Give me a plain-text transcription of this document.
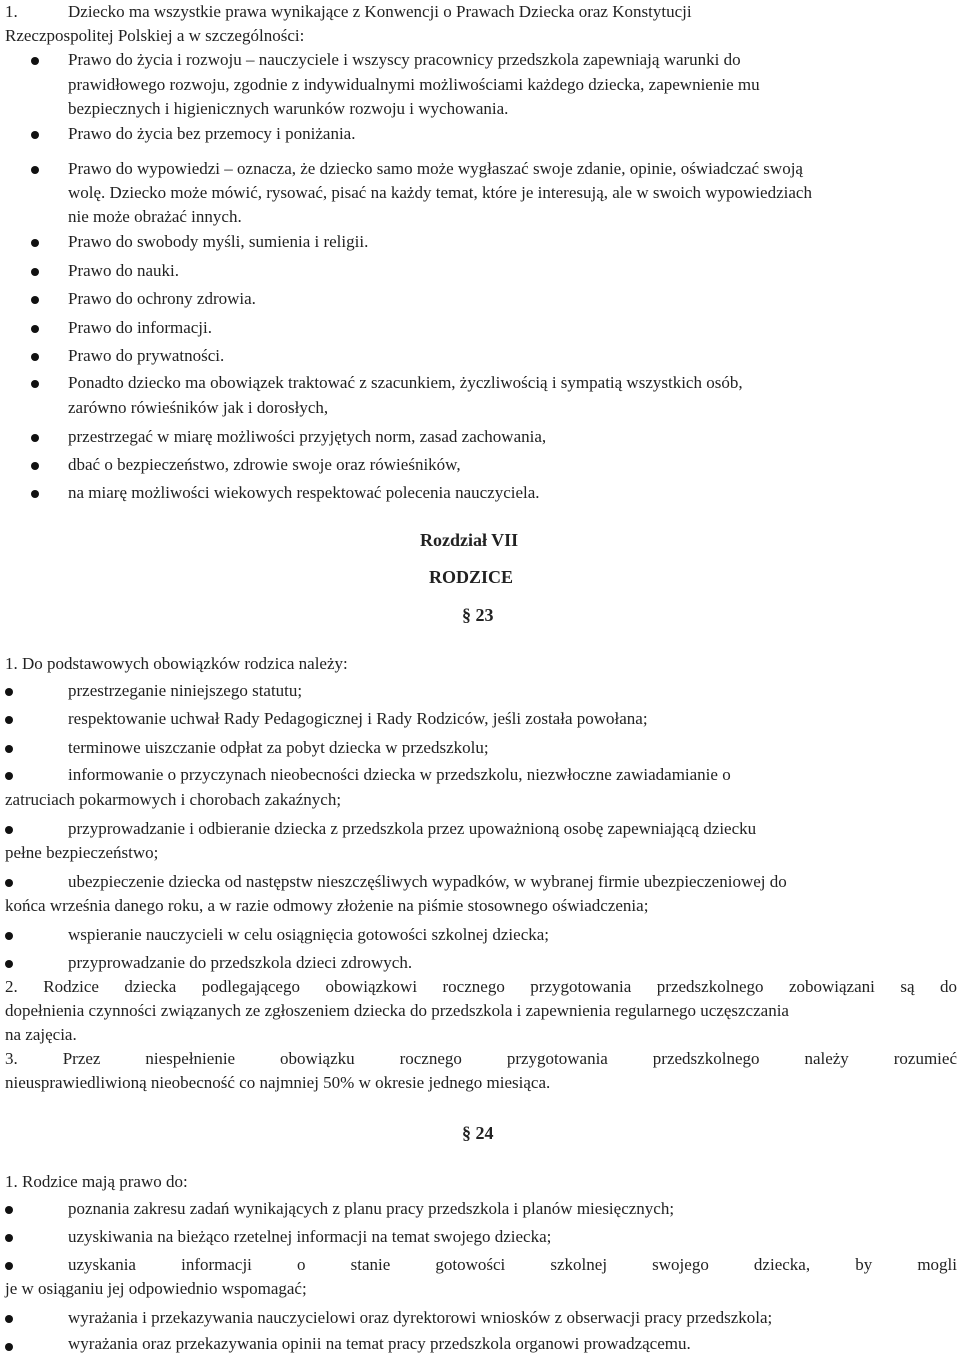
1.	Dziecko ma wszystkie prawa wynikające z Konwencji o Prawach Dziecka oraz Konstytucji
Rzeczpospolitej Polskiej a w szczególności:
Prawo do życia i rozwoju – nauczyciele i wszyscy pracownicy przedszkola zapewniają warunki do
prawidłowego rozwoju, zgodnie z indywidualnymi możliwościami każdego dziecka, zapewnienie mu
bezpiecznych i higienicznych warunków rozwoju i wychowania.
Prawo do życia bez przemocy i poniżania.
Prawo do wypowiedzi – oznacza, że dziecko samo może wygłaszać swoje zdanie, opinie, oświadczać swoją
wolę. Dziecko może mówić, rysować, pisać na każdy temat, które je interesują, ale w swoich wypowiedziach
nie może obrażać innych.
Prawo do swobody myśli, sumienia i religii.
Prawo do nauki.
Prawo do ochrony zdrowia.
Prawo do informacji.
Prawo do prywatności.
Ponadto dziecko ma obowiązek traktować z szacunkiem, życzliwością i sympatią wszystkich osób,
zarówno rówieśników jak i dorosłych,
przestrzegać w miarę możliwości przyjętych norm, zasad zachowania,
dbać o bezpieczeństwo, zdrowie swoje oraz rówieśników,
na miarę możliwości wiekowych respektować polecenia nauczyciela.
Rozdział VII
RODZICE
§ 23
1. Do podstawowych obowiązków rodzica należy:
przestrzeganie niniejszego statutu;
respektowanie uchwał Rady Pedagogicznej i Rady Rodziców, jeśli została powołana;
terminowe uiszczanie odpłat za pobyt dziecka w przedszkolu;
informowanie o przyczynach nieobecności dziecka w przedszkolu, niezwłoczne zawiadamianie o
zatruciach pokarmowych i chorobach zakaźnych;
przyprowadzanie i odbieranie dziecka z przedszkola przez upoważnioną osobę zapewniającą dziecku
pełne bezpieczeństwo;
ubezpieczenie dziecka od następstw nieszczęśliwych wypadków, w wybranej firmie ubezpieczeniowej do
końca września danego roku, a w razie odmowy złożenie na piśmie stosownego oświadczenia;
wspieranie nauczycieli w celu osiągnięcia gotowości szkolnej dziecka;
przyprowadzanie do przedszkola dzieci zdrowych.
2. Rodzice dziecka podlegającego obowiązkowi rocznego przygotowania przedszkolnego zobowiązani są do
dopełnienia czynności związanych ze zgłoszeniem dziecka do przedszkola i zapewnienia regularnego uczęszczania
na zajęcia.
3. Przez niespełnienie obowiązku rocznego przygotowania przedszkolnego należy rozumieć
nieusprawiedliwioną nieobecność co najmniej 50% w okresie jednego miesiąca.
§ 24
1. Rodzice mają prawo do:
poznania zakresu zadań wynikających z planu pracy przedszkola i planów miesięcznych;
uzyskiwania na bieżąco rzetelnej informacji na temat swojego dziecka;
uzyskania informacji o stanie gotowości szkolnej swojego dziecka, by mogli
je w osiąganiu jej odpowiednio wspomagać;
wyrażania i przekazywania nauczycielowi oraz dyrektorowi wniosków z obserwacji pracy przedszkola;
wyrażania oraz przekazywania opinii na temat pracy przedszkola organowi prowadzącemu.
